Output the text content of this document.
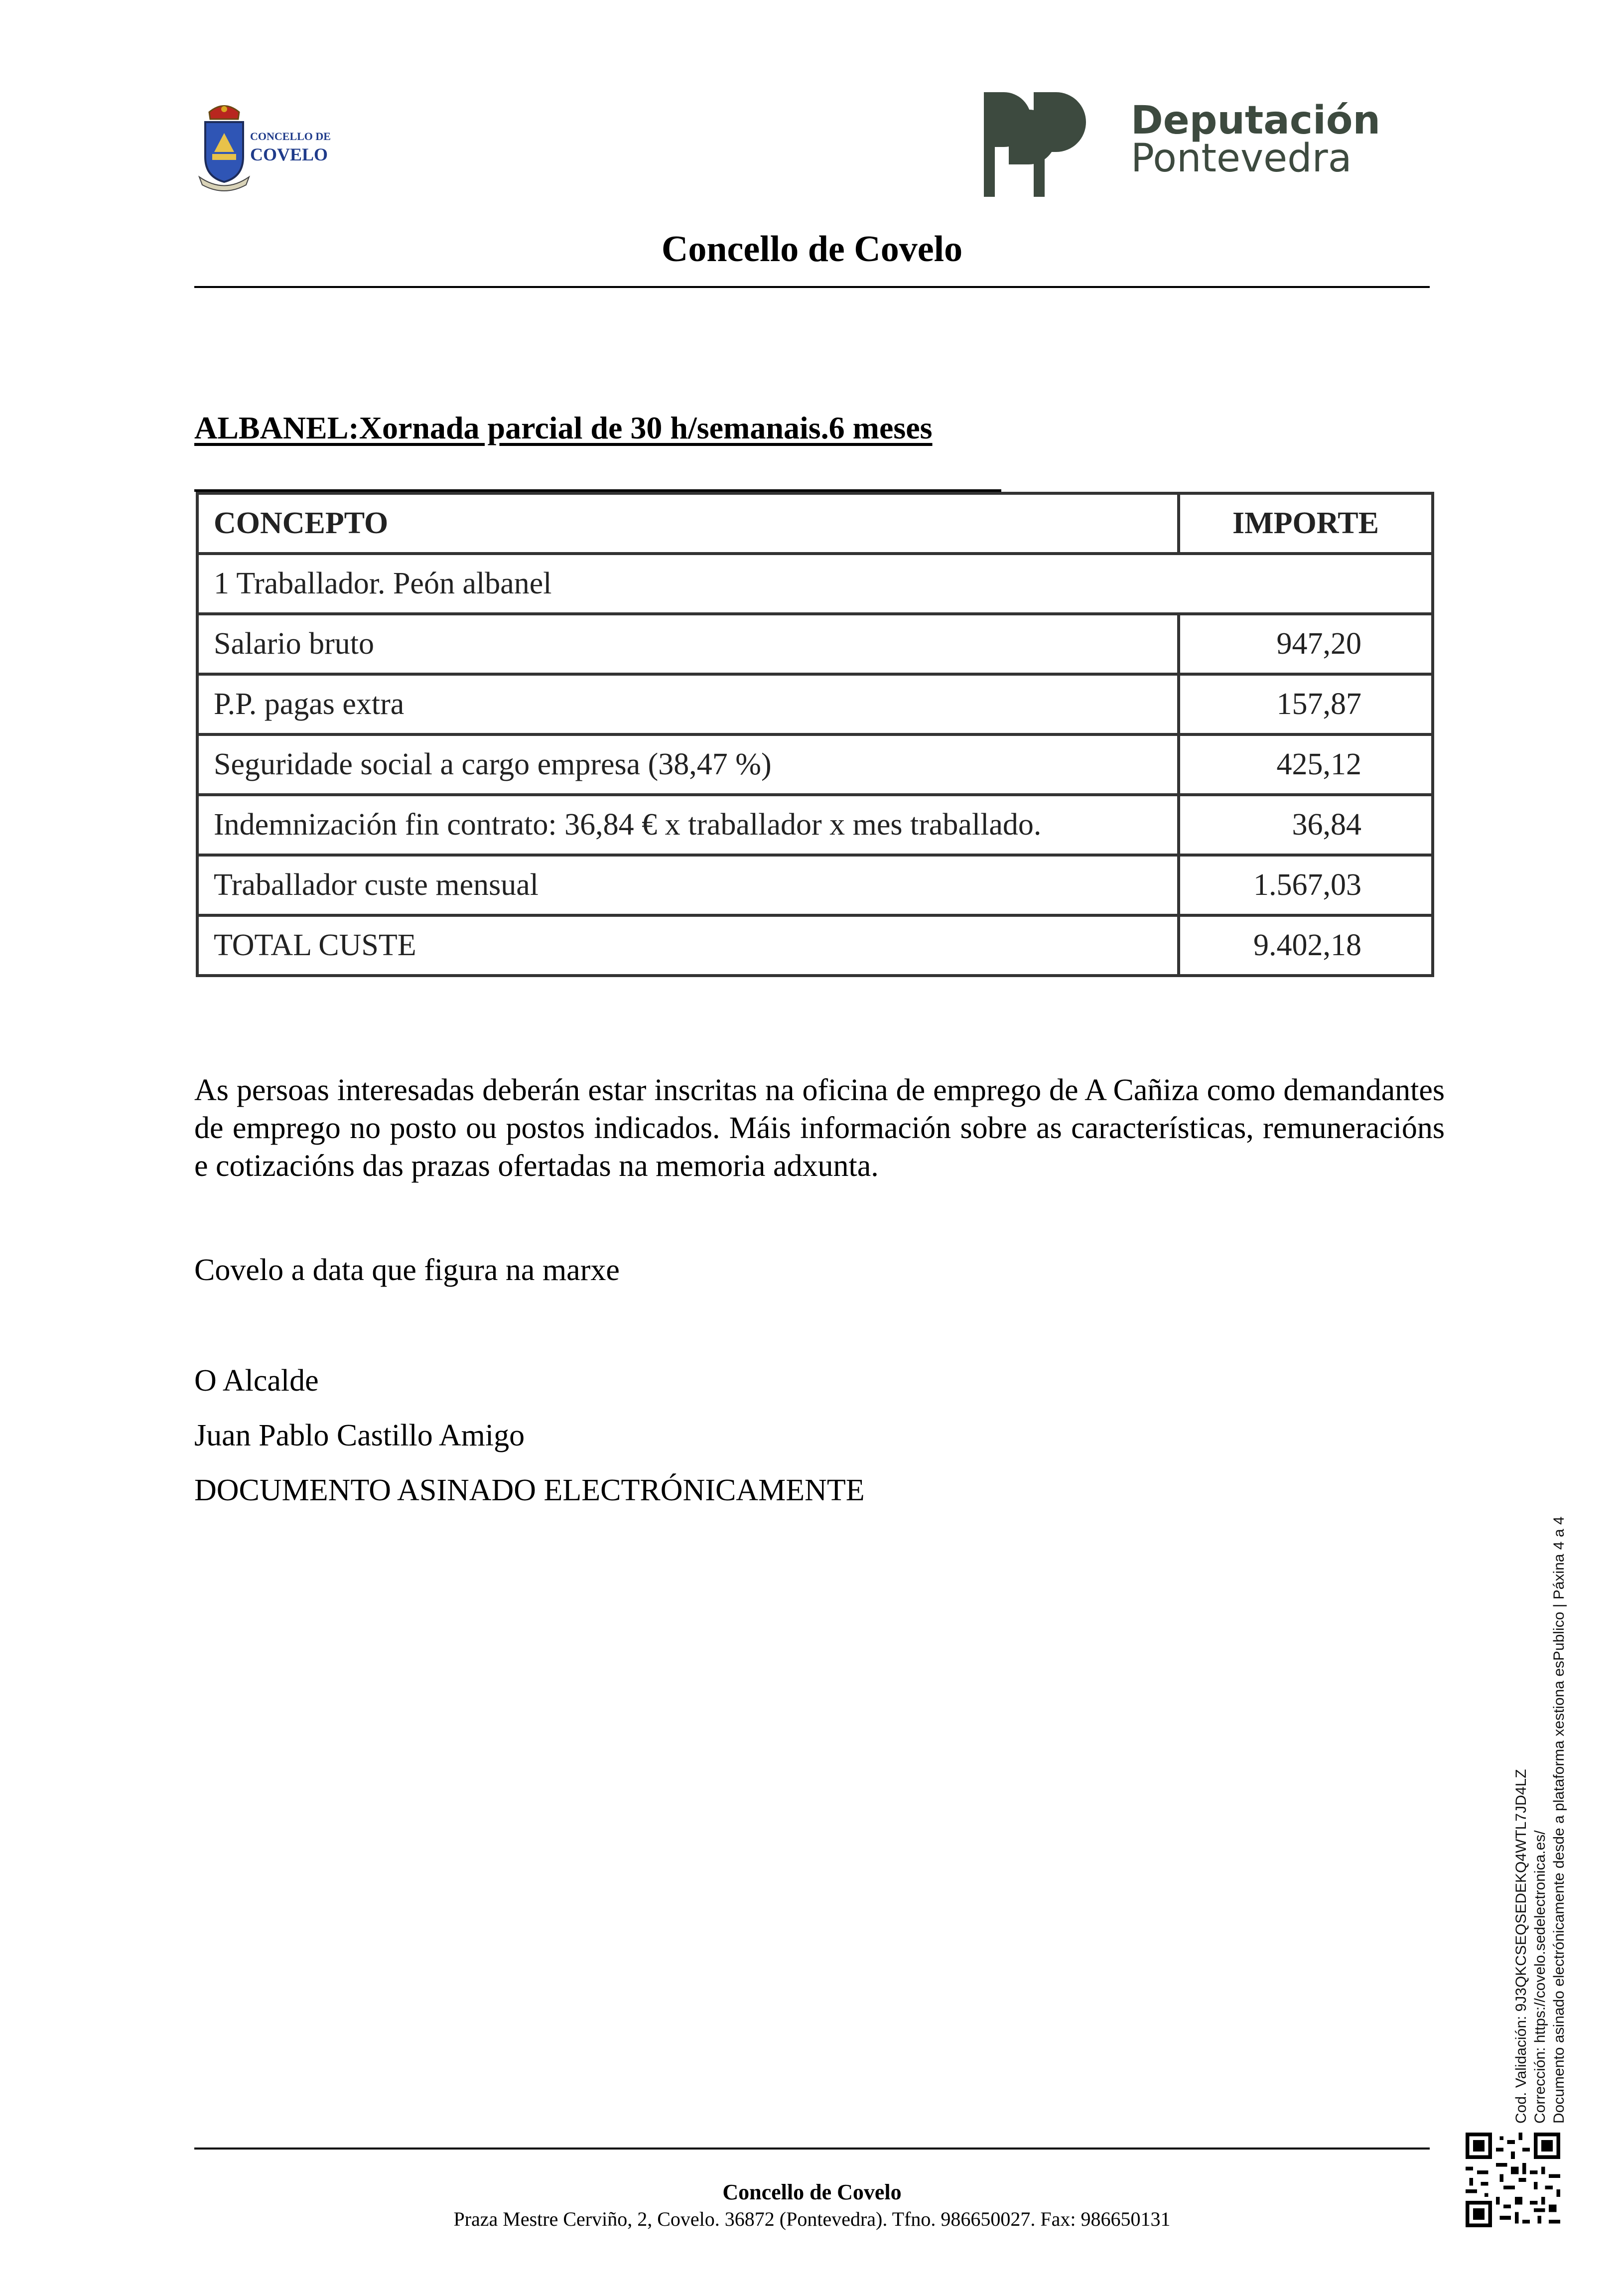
CONCELLO DE
COVELO
Deputación
Pontevedra
Concello de Covelo
ALBANEL:Xornada parcial de 30 h/semanais.6 meses
CONCEPTO	IMPORTE
1 Traballador. Peón albanel	
Salario bruto	947,20
P.P. pagas extra	157,87
Seguridade social a cargo empresa (38,47 %)	425,12
Indemnización fin contrato: 36,84 € x traballador x mes traballado.	36,84
Traballador custe mensual	1.567,03
TOTAL CUSTE	9.402,18

As persoas interesadas deberán estar inscritas na oficina de emprego de A Cañiza como demandantes de emprego no posto ou postos indicados. Máis información sobre as características, remuneracións e cotizacións das prazas ofertadas na memoria adxunta.

Covelo a data que figura na marxe
O Alcalde
Juan Pablo Castillo Amigo
DOCUMENTO ASINADO ELECTRÓNICAMENTE
Cod. Validación: 9J3QKCSEQSEDEKQ4WTL7JD4LZ Corrección: https://covelo.sedelectronica.es/ Documento asinado electrónicamente desde a plataforma xestiona esPublico | Páxina 4 a 4
Concello de Covelo
Praza Mestre Cerviño, 2, Covelo. 36872 (Pontevedra). Tfno. 986650027. Fax: 986650131
